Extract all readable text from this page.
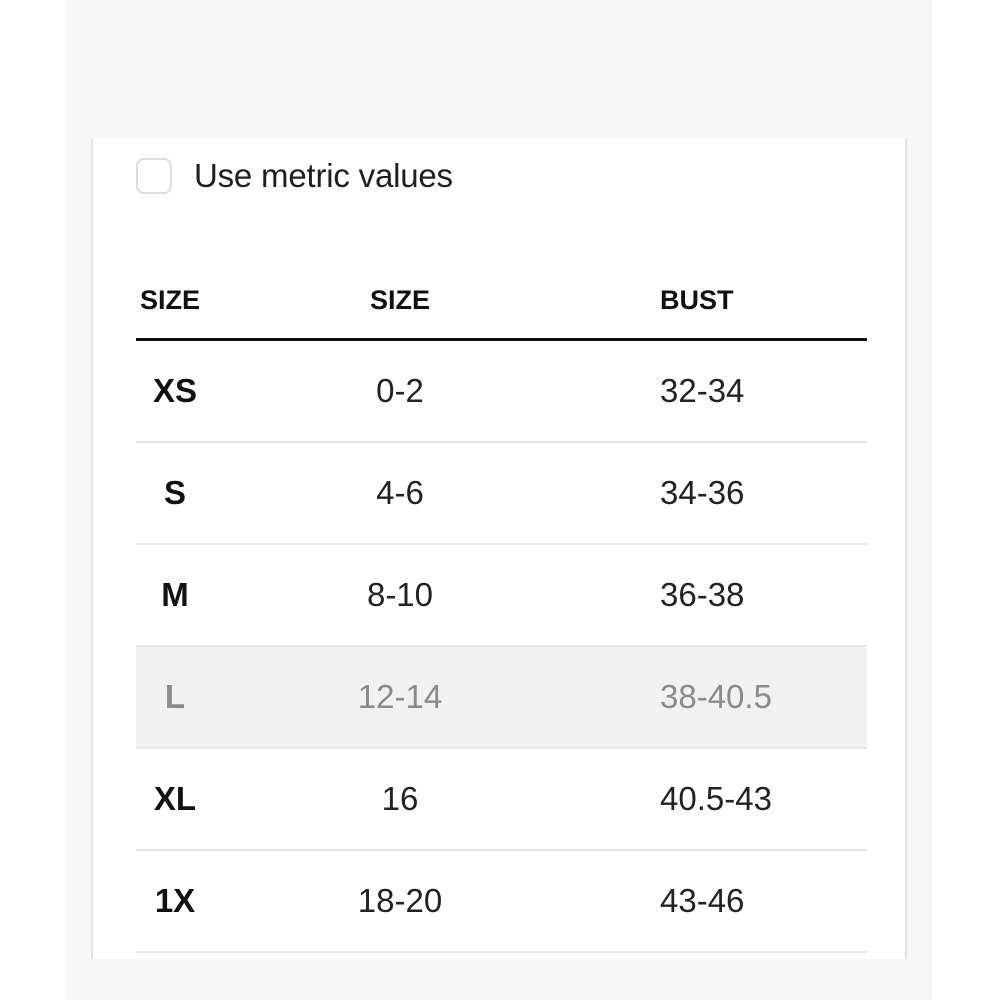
Use metric values
SIZE	SIZE	BUST
XS	0-2	32-34
S	4-6	34-36
M	8-10	36-38
L	12-14	38-40.5
XL	16	40.5-43
1X	18-20	43-46
